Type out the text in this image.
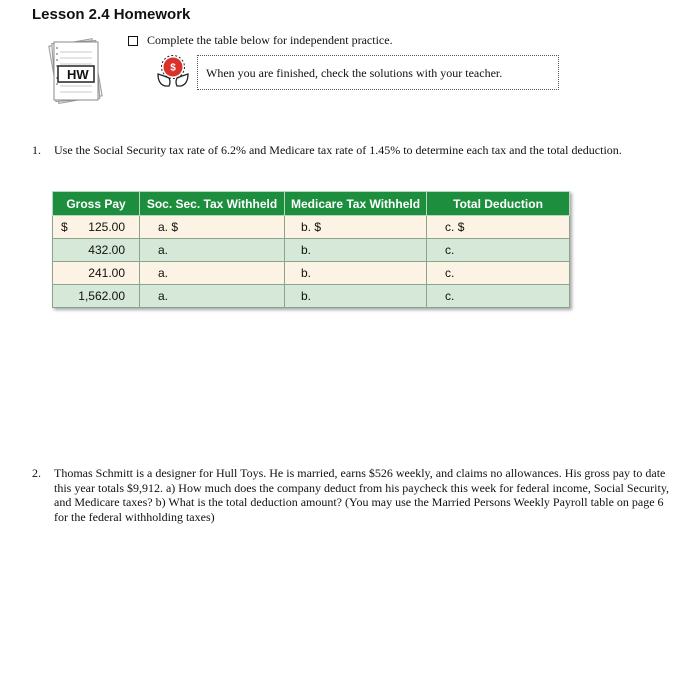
Lesson 2.4 Homework
HW
Complete the table below for independent practice.
$	When you are finished, check the solutions with your teacher.
1. Use the Social Security tax rate of 6.2% and Medicare tax rate of 1.45% to determine each tax and the total deduction.
Gross Pay	Soc. Sec. Tax Withheld	Medicare Tax Withheld	Total Deduction

$ 125.00	a. $	b. $	c. $

432.00	a.	b.	c.

241.00	a.	b.	c.

1,562.00	a.	b.	c.
2. Thomas Schmitt is a designer for Hull Toys. He is married, earns $526 weekly, and claims no allowances. His gross pay to date this year totals $9,912. a) How much does the company deduct from his paycheck this week for federal income, Social Security, and Medicare taxes? b) What is the total deduction amount? (You may use the Married Persons Weekly Payroll table on page 6 for the federal withholding taxes)
